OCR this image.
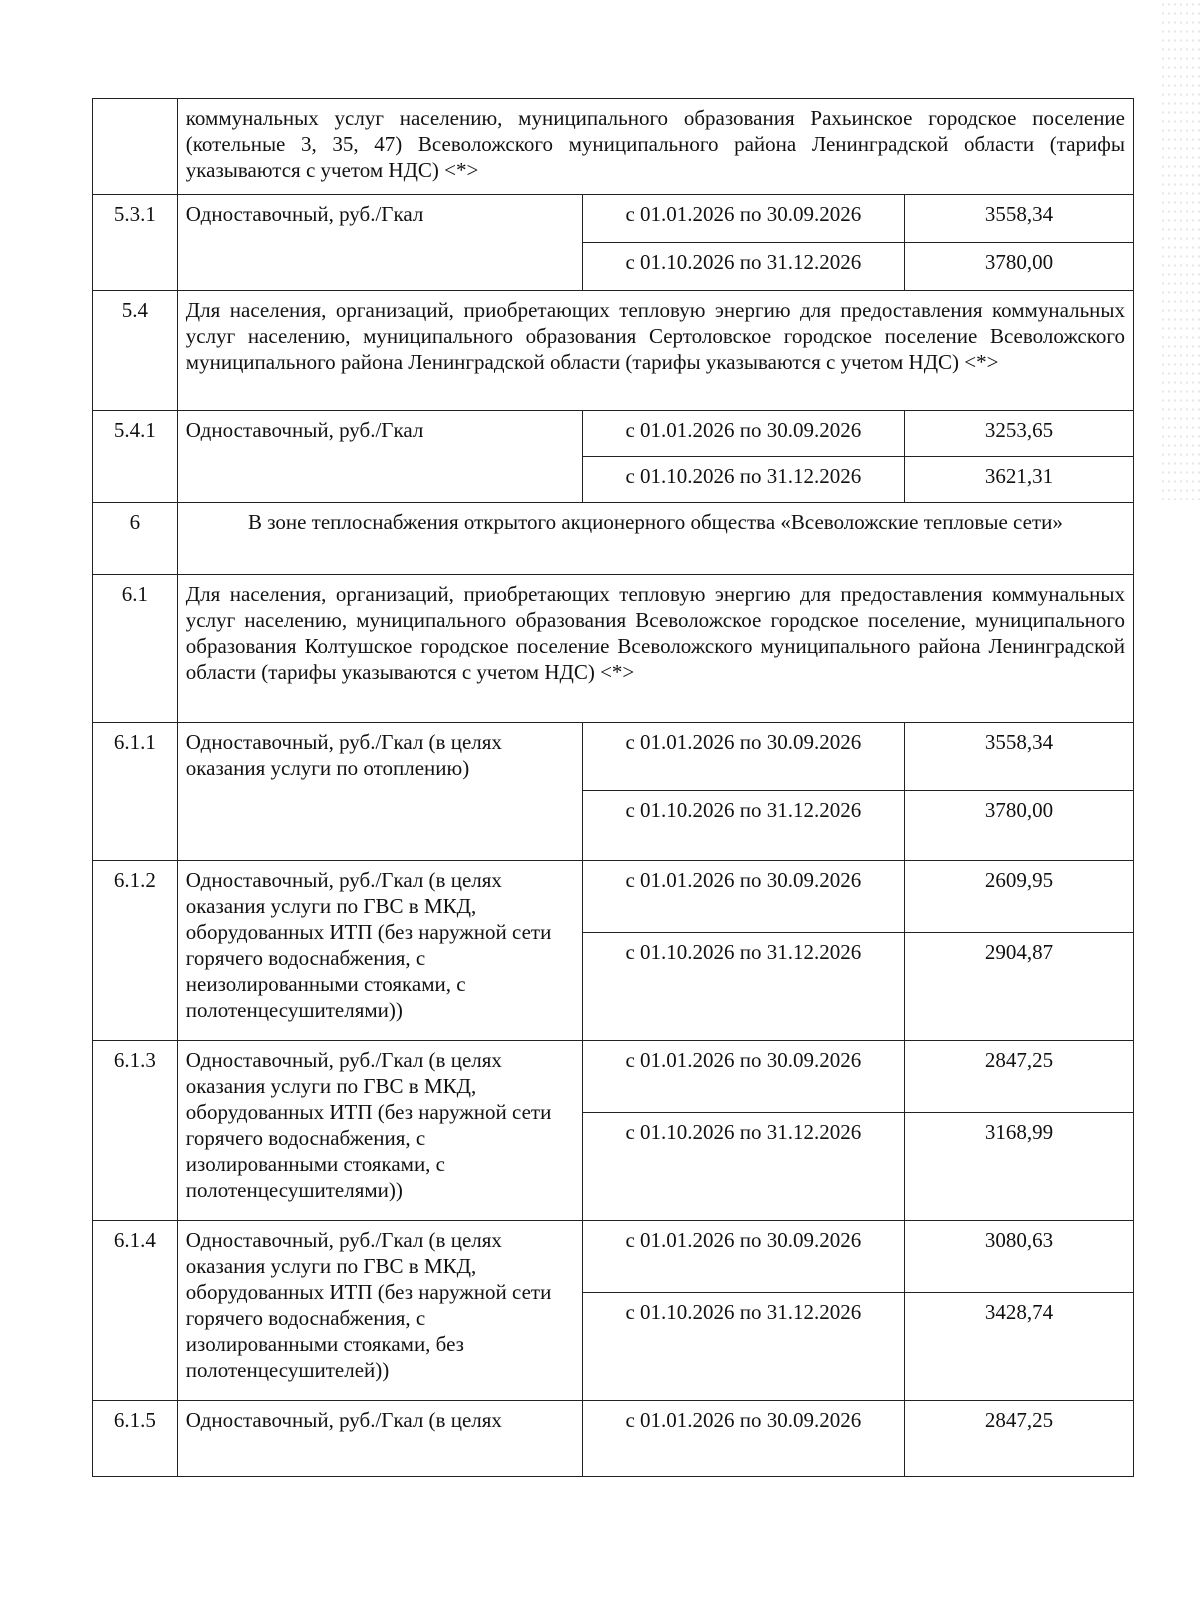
	коммунальных услуг населению, муниципального образования Рахьинское городское поселение (котельные 3, 35, 47) Всеволожского муниципального района Ленинградской области (тарифы указываются с учетом НДС) <*>		
5.3.1	Одноставочный, руб./Гкал	с 01.01.2026 по 30.09.2026	3558,34
		с 01.10.2026 по 31.12.2026	3780,00
5.4	Для населения, организаций, приобретающих тепловую энергию для предоставления коммунальных услуг населению, муниципального образования Сертоловское городское поселение Всеволожского муниципального района Ленинградской области (тарифы указываются с учетом НДС) <*>		
5.4.1	Одноставочный, руб./Гкал	с 01.01.2026 по 30.09.2026	3253,65
		с 01.10.2026 по 31.12.2026	3621,31
6	В зоне теплоснабжения открытого акционерного общества «Всеволожские тепловые сети»		
6.1	Для населения, организаций, приобретающих тепловую энергию для предоставления коммунальных услуг населению, муниципального образования Всеволожское городское поселение, муниципального образования Колтушское городское поселение Всеволожского муниципального района Ленинградской области (тарифы указываются с учетом НДС) <*>		
6.1.1	Одноставочный, руб./Гкал (в целях оказания услуги по отоплению)	с 01.01.2026 по 30.09.2026	3558,34
		с 01.10.2026 по 31.12.2026	3780,00
6.1.2	Одноставочный, руб./Гкал (в целях оказания услуги по ГВС в МКД, оборудованных ИТП (без наружной сети горячего водоснабжения, с неизолированными стояками, с полотенцесушителями))	с 01.01.2026 по 30.09.2026	2609,95
		с 01.10.2026 по 31.12.2026	2904,87
6.1.3	Одноставочный, руб./Гкал (в целях оказания услуги по ГВС в МКД, оборудованных ИТП (без наружной сети горячего водоснабжения, с изолированными стояками, с полотенцесушителями))	с 01.01.2026 по 30.09.2026	2847,25
		с 01.10.2026 по 31.12.2026	3168,99
6.1.4	Одноставочный, руб./Гкал (в целях оказания услуги по ГВС в МКД, оборудованных ИТП (без наружной сети горячего водоснабжения, с изолированными стояками, без полотенцесушителей))	с 01.01.2026 по 30.09.2026	3080,63
		с 01.10.2026 по 31.12.2026	3428,74
6.1.5	Одноставочный, руб./Гкал (в целях	с 01.01.2026 по 30.09.2026	2847,25
